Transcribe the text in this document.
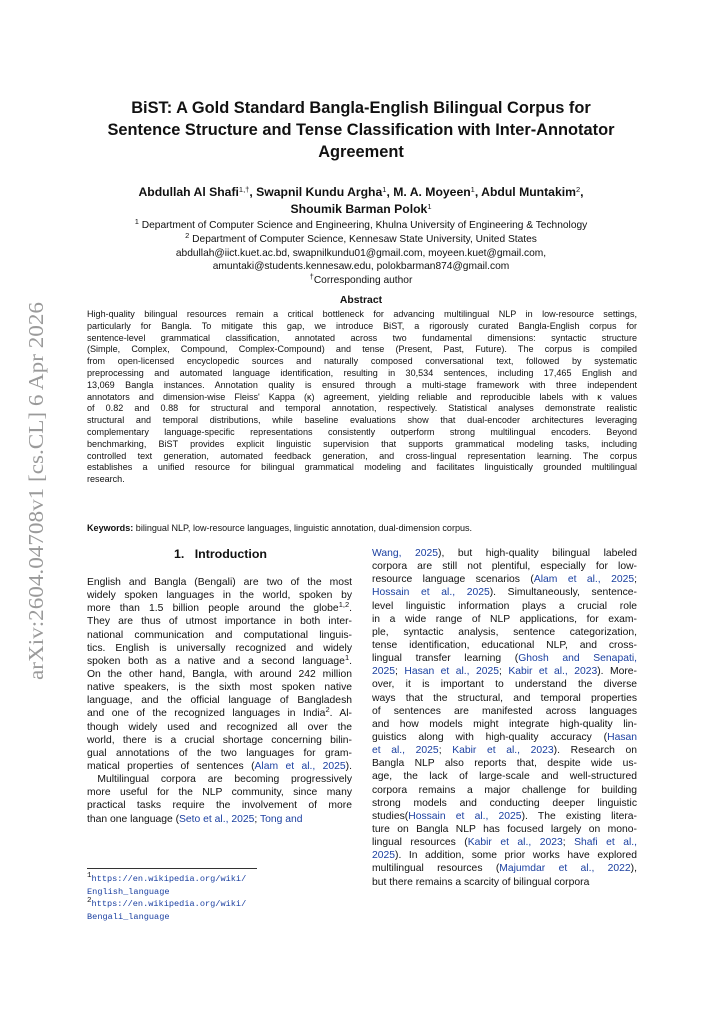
arXiv:2604.04708v1 [cs.CL] 6 Apr 2026
BiST: A Gold Standard Bangla-English Bilingual Corpus for
Sentence Structure and Tense Classification with Inter-Annotator
Agreement
Abdullah Al Shafi$^{1,\dagger}$, Swapnil Kundu Argha$^1$, M. A. Moyeen$^1$, Abdul Muntakim$^2$,
Shoumik Barman Polok$^1$
$^1$ Department of Computer Science and Engineering, Khulna University of Engineering & Technology
$^2$ Department of Computer Science, Kennesaw State University, United States
abdullah@iict.kuet.ac.bd, swapnilkundu01@gmail.com, moyeen.kuet@gmail.com,
amuntaki@students.kennesaw.edu, polokbarman874@gmail.com
†Corresponding author
Abstract
High-quality bilingual resources remain a critical bottleneck for advancing multilingual NLP in low-resource settings,
particularly for Bangla. To mitigate this gap, we introduce BiST, a rigorously curated Bangla-English corpus for
sentence-level grammatical classification, annotated across two fundamental dimensions: syntactic structure
(Simple, Complex, Compound, Complex-Compound) and tense (Present, Past, Future). The corpus is compiled
from open-licensed encyclopedic sources and naturally composed conversational text, followed by systematic
preprocessing and automated language identification, resulting in 30,534 sentences, including 17,465 English and
13,069 Bangla instances. Annotation quality is ensured through a multi-stage framework with three independent
annotators and dimension-wise Fleiss' Kappa (κ) agreement, yielding reliable and reproducible labels with κ values
of 0.82 and 0.88 for structural and temporal annotation, respectively. Statistical analyses demonstrate realistic
structural and temporal distributions, while baseline evaluations show that dual-encoder architectures leveraging
complementary language-specific representations consistently outperform strong multilingual encoders. Beyond
benchmarking, BiST provides explicit linguistic supervision that supports grammatical modeling tasks, including
controlled text generation, automated feedback generation, and cross-lingual representation learning. The corpus
establishes a unified resource for bilingual grammatical modeling and facilitates linguistically grounded multilingual
research.
Keywords: bilingual NLP, low-resource languages, linguistic annotation, dual-dimension corpus.
1. Introduction
English and Bangla (Bengali) are two of the most
widely spoken languages in the world, spoken by
more than 1.5 billion people around the globe$^{1,2}$.
They are thus of utmost importance in both inter-
national communication and computational linguis-
tics. English is universally recognized and widely
spoken both as a native and a second language$^1$.
On the other hand, Bangla, with around 242 million
native speakers, is the sixth most spoken native
language, and the official language of Bangladesh
and one of the recognized languages in India$^2$. Al-
though widely used and recognized all over the
world, there is a crucial shortage concerning bilin-
gual annotations of the two languages for gram-
matical properties of sentences (Alam et al., 2025).
 Multilingual corpora are becoming progressively
more useful for the NLP community, since many
practical tasks require the involvement of more
than one language (Seto et al., 2025; Tong and
Wang, 2025), but high-quality bilingual labeled
corpora are still not plentiful, especially for low-
resource language scenarios (Alam et al., 2025;
Hossain et al., 2025). Simultaneously, sentence-
level linguistic information plays a crucial role
in a wide range of NLP applications, for exam-
ple, syntactic analysis, sentence categorization,
tense identification, educational NLP, and cross-
lingual transfer learning (Ghosh and Senapati,
2025; Hasan et al., 2025; Kabir et al., 2023). More-
over, it is important to understand the diverse
ways that the structural, and temporal properties
of sentences are manifested across languages
and how models might integrate high-quality lin-
guistics along with high-quality accuracy (Hasan
et al., 2025; Kabir et al., 2023). Research on
Bangla NLP also reports that, despite wide us-
age, the lack of large-scale and well-structured
corpora remains a major challenge for building
strong models and conducting deeper linguistic
studies(Hossain et al., 2025). The existing litera-
ture on Bangla NLP has focused largely on mono-
lingual resources (Kabir et al., 2023; Shafi et al.,
2025). In addition, some prior works have explored
multilingual resources (Majumdar et al., 2022),
but there remains a scarcity of bilingual corpora
$^1$https://en.wikipedia.org/wiki/
English_language
$^2$https://en.wikipedia.org/wiki/
Bengali_language
